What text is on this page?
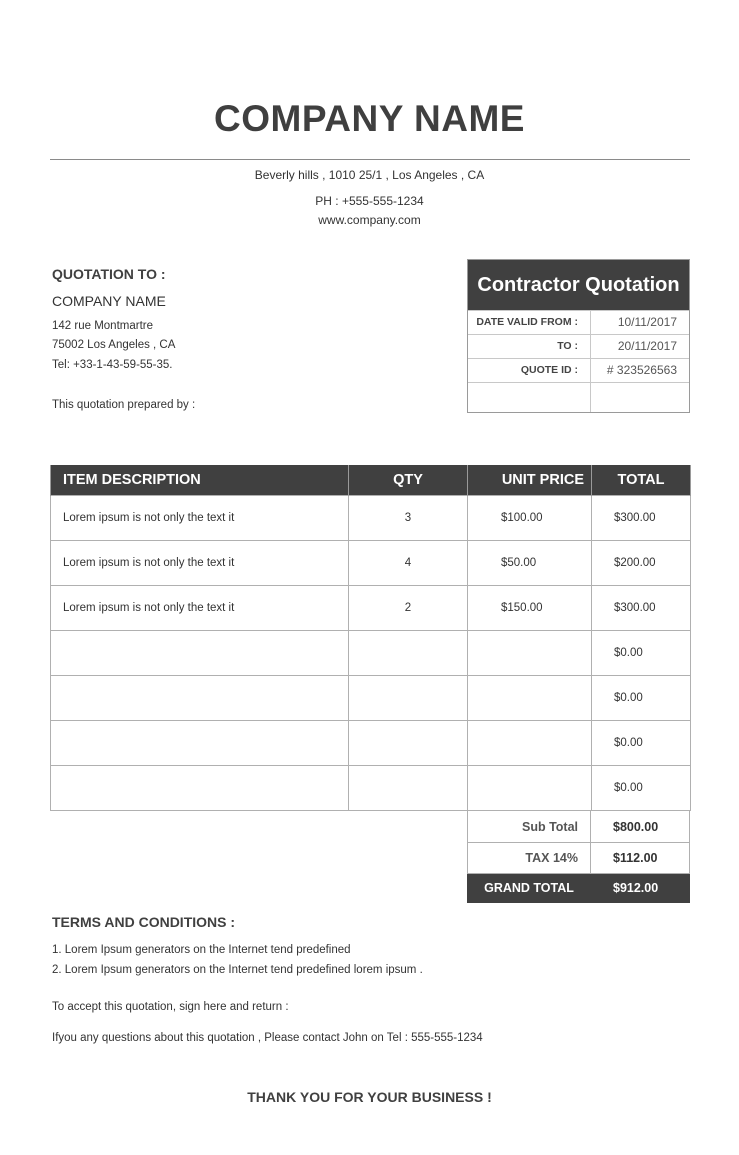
COMPANY NAME
Beverly hills , 1010 25/1 , Los Angeles , CA
PH : +555-555-1234
www.company.com
QUOTATION TO :
COMPANY NAME
142 rue Montmartre
75002 Los Angeles , CA
Tel: +33-1-43-59-55-35.
This quotation prepared by :
Contractor Quotation
DATE VALID FROM :	10/11/2017
TO :	20/11/2017
QUOTE ID :	# 323526563
ITEM DESCRIPTION	QTY	UNIT PRICE	TOTAL
Lorem ipsum is not only the text it	3	$100.00	$300.00
Lorem ipsum is not only the text it	4	$50.00	$200.00
Lorem ipsum is not only the text it	2	$150.00	$300.00
			$0.00
			$0.00
			$0.00
			$0.00
Sub Total	$800.00
TAX 14%	$112.00
GRAND TOTAL	$912.00
TERMS AND CONDITIONS :
1. Lorem Ipsum generators on the Internet tend predefined
2. Lorem Ipsum generators on the Internet tend predefined lorem ipsum .
To accept this quotation, sign here and return :
Ifyou any questions about this quotation , Please contact John on Tel : 555-555-1234
THANK YOU FOR YOUR BUSINESS !
